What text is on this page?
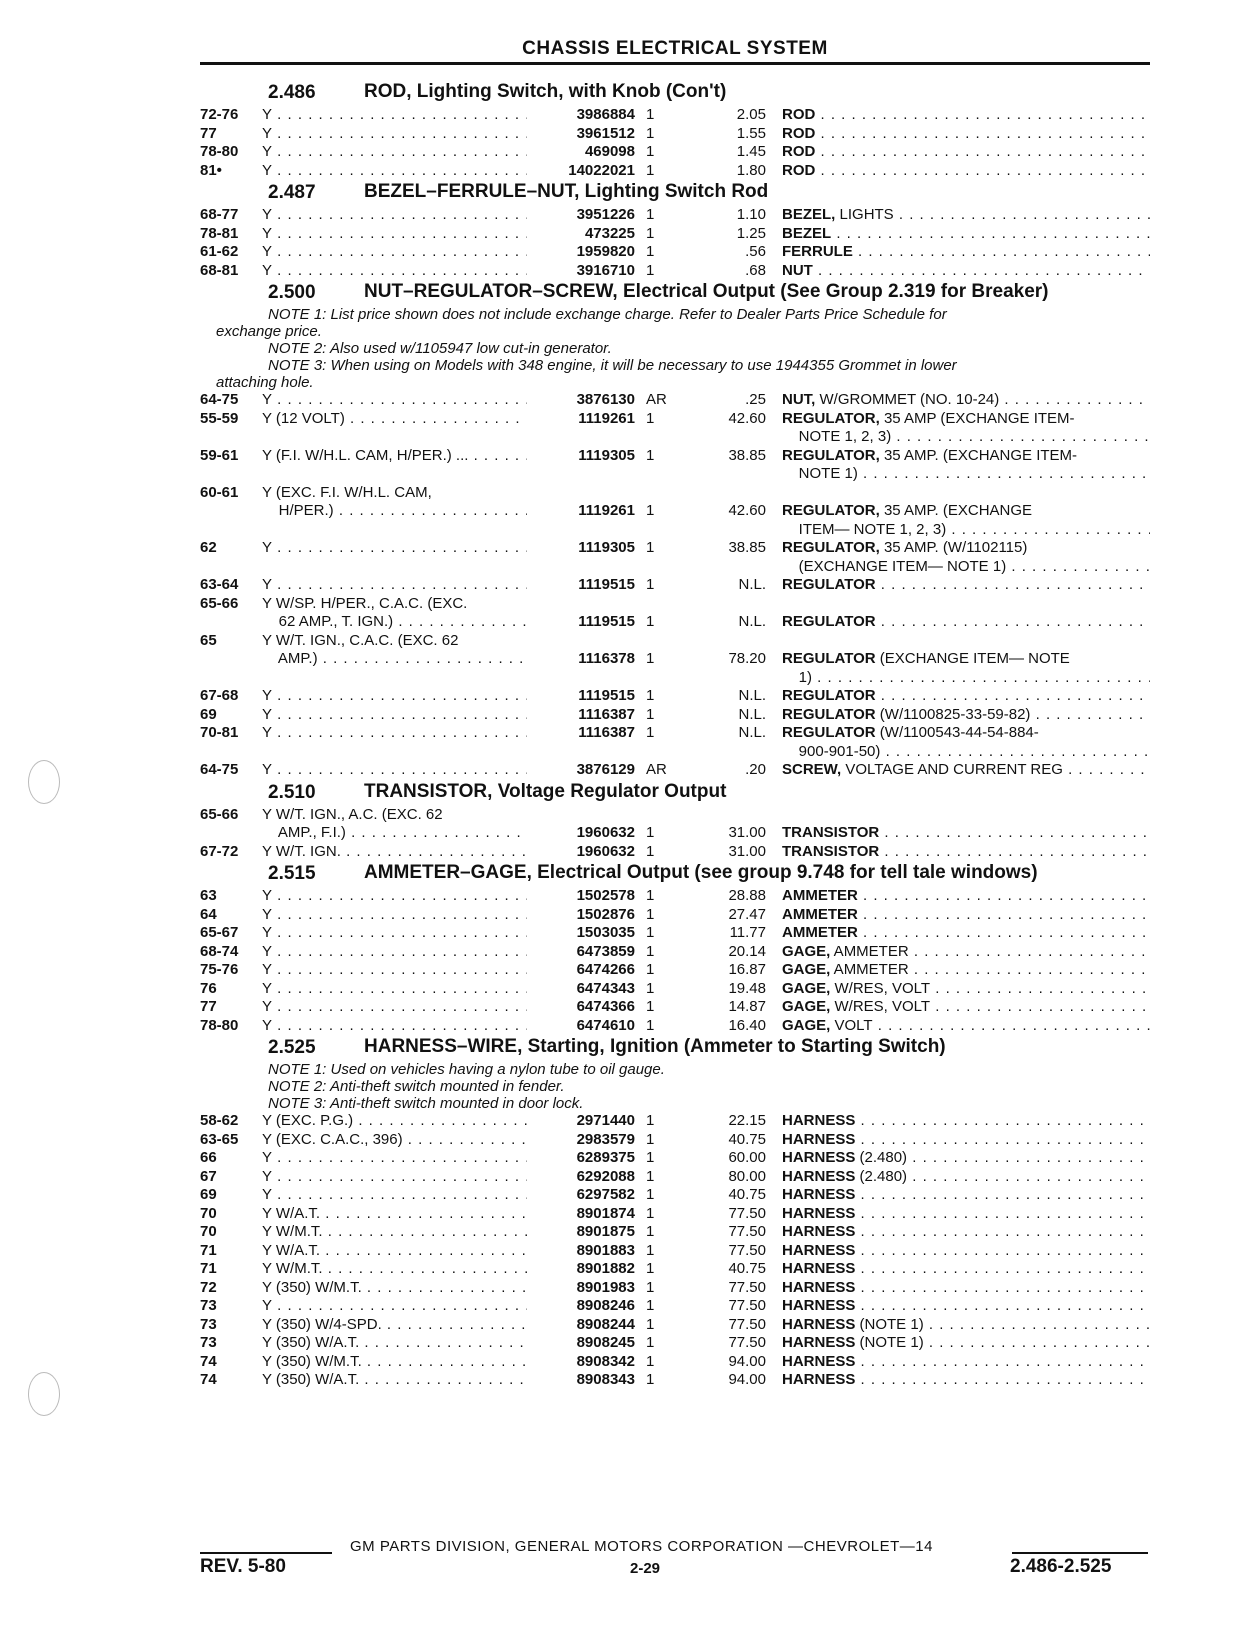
CHASSIS ELECTRICAL SYSTEM
2.486	ROD, Lighting Switch, with Knob (Con't)
72-76	Y . . .	3986884 1	2.05 ROD . . .
77	Y . . .	3961512 1	1.55 ROD . . .
78-80	Y . . .	469098 1	1.45 ROD . . .
81•	Y . . .	14022021 1	1.80 ROD . . .
2.487	BEZEL–FERRULE–NUT, Lighting Switch Rod
68-77	Y . . .	3951226 1	1.10 BEZEL, LIGHTS . . .
78-81	Y . . .	473225 1	1.25 BEZEL . . .
61-62	Y . . .	1959820 1	.56 FERRULE . . .
68-81	Y . . .	3916710 1	.68 NUT . . .
2.500	NUT–REGULATOR–SCREW, Electrical Output (See Group 2.319 for Breaker)
NOTE 1: List price shown does not include exchange charge. Refer to Dealer Parts Price Schedule for
exchange price.
NOTE 2: Also used w/1105947 low cut-in generator.
NOTE 3: When using on Models with 348 engine, it will be necessary to use 1944355 Grommet in lower
attaching hole.
64-75	Y . . .	3876130 AR	.25 NUT, W/GROMMET (NO. 10-24) . . .
55-59	Y (12 VOLT) . . .	1119261 1	42.60 REGULATOR, 35 AMP (EXCHANGE ITEM-
NOTE 1, 2, 3) . . .
59-61	Y (F.I. W/H.L. CAM, H/PER.) ... . . .	1119305 1	38.85 REGULATOR, 35 AMP. (EXCHANGE ITEM-
NOTE 1) . . .
60-61	Y (EXC. F.I. W/H.L. CAM,
H/PER.) . . .	1119261 1	42.60 REGULATOR, 35 AMP. (EXCHANGE
ITEM— NOTE 1, 2, 3) . . .
62	Y . . .	1119305 1	38.85 REGULATOR, 35 AMP. (W/1102115)
(EXCHANGE ITEM— NOTE 1) . . .
63-64	Y . . .	1119515 1	N.L. REGULATOR . . .
65-66	Y W/SP. H/PER., C.A.C. (EXC.
62 AMP., T. IGN.) . . .	1119515 1	N.L. REGULATOR . . .
65	Y W/T. IGN., C.A.C. (EXC. 62
AMP.) . . .	1116378 1	78.20 REGULATOR (EXCHANGE ITEM— NOTE
1) . . .
67-68	Y . . .	1119515 1	N.L. REGULATOR . . .
69	Y . . .	1116387 1	N.L. REGULATOR (W/1100825-33-59-82) . . .
70-81	Y . . .	1116387 1	N.L. REGULATOR (W/1100543-44-54-884-
900-901-50) . . .
64-75	Y . . .	3876129 AR	.20 SCREW, VOLTAGE AND CURRENT REG . . .
2.510	TRANSISTOR, Voltage Regulator Output
65-66	Y W/T. IGN., A.C. (EXC. 62
AMP., F.I.) . . .	1960632 1	31.00 TRANSISTOR . . .
67-72	Y W/T. IGN. . . .	1960632 1	31.00 TRANSISTOR . . .
2.515	AMMETER–GAGE, Electrical Output (see group 9.748 for tell tale windows)
63	Y . . .	1502578 1	28.88 AMMETER . . .
64	Y . . .	1502876 1	27.47 AMMETER . . .
65-67	Y . . .	1503035 1	11.77 AMMETER . . .
68-74	Y . . .	6473859 1	20.14 GAGE, AMMETER . . .
75-76	Y . . .	6474266 1	16.87 GAGE, AMMETER . . .
76	Y . . .	6474343 1	19.48 GAGE, W/RES, VOLT . . .
77	Y . . .	6474366 1	14.87 GAGE, W/RES, VOLT . . .
78-80	Y . . .	6474610 1	16.40 GAGE, VOLT . . .
2.525	HARNESS–WIRE, Starting, Ignition (Ammeter to Starting Switch)
NOTE 1: Used on vehicles having a nylon tube to oil gauge.
NOTE 2: Anti-theft switch mounted in fender.
NOTE 3: Anti-theft switch mounted in door lock.
58-62	Y (EXC. P.G.) . . .	2971440 1	22.15 HARNESS . . .
63-65	Y (EXC. C.A.C., 396) . . .	2983579 1	40.75 HARNESS . . .
66	Y . . .	6289375 1	60.00 HARNESS (2.480) . . .
67	Y . . .	6292088 1	80.00 HARNESS (2.480) . . .
69	Y . . .	6297582 1	40.75 HARNESS . . .
70	Y W/A.T. . . .	8901874 1	77.50 HARNESS . . .
70	Y W/M.T. . . .	8901875 1	77.50 HARNESS . . .
71	Y W/A.T. . . .	8901883 1	77.50 HARNESS . . .
71	Y W/M.T. . . .	8901882 1	40.75 HARNESS . . .
72	Y (350) W/M.T. . . .	8901983 1	77.50 HARNESS . . .
73	Y . . .	8908246 1	77.50 HARNESS . . .
73	Y (350) W/4-SPD. . . .	8908244 1	77.50 HARNESS (NOTE 1) . . .
73	Y (350) W/A.T. . . .	8908245 1	77.50 HARNESS (NOTE 1) . . .
74	Y (350) W/M.T. . . .	8908342 1	94.00 HARNESS . . .
74	Y (350) W/A.T. . . .	8908343 1	94.00 HARNESS . . .
GM PARTS DIVISION, GENERAL MOTORS CORPORATION —CHEVROLET—14
REV. 5-80	2-29	2.486-2.525
